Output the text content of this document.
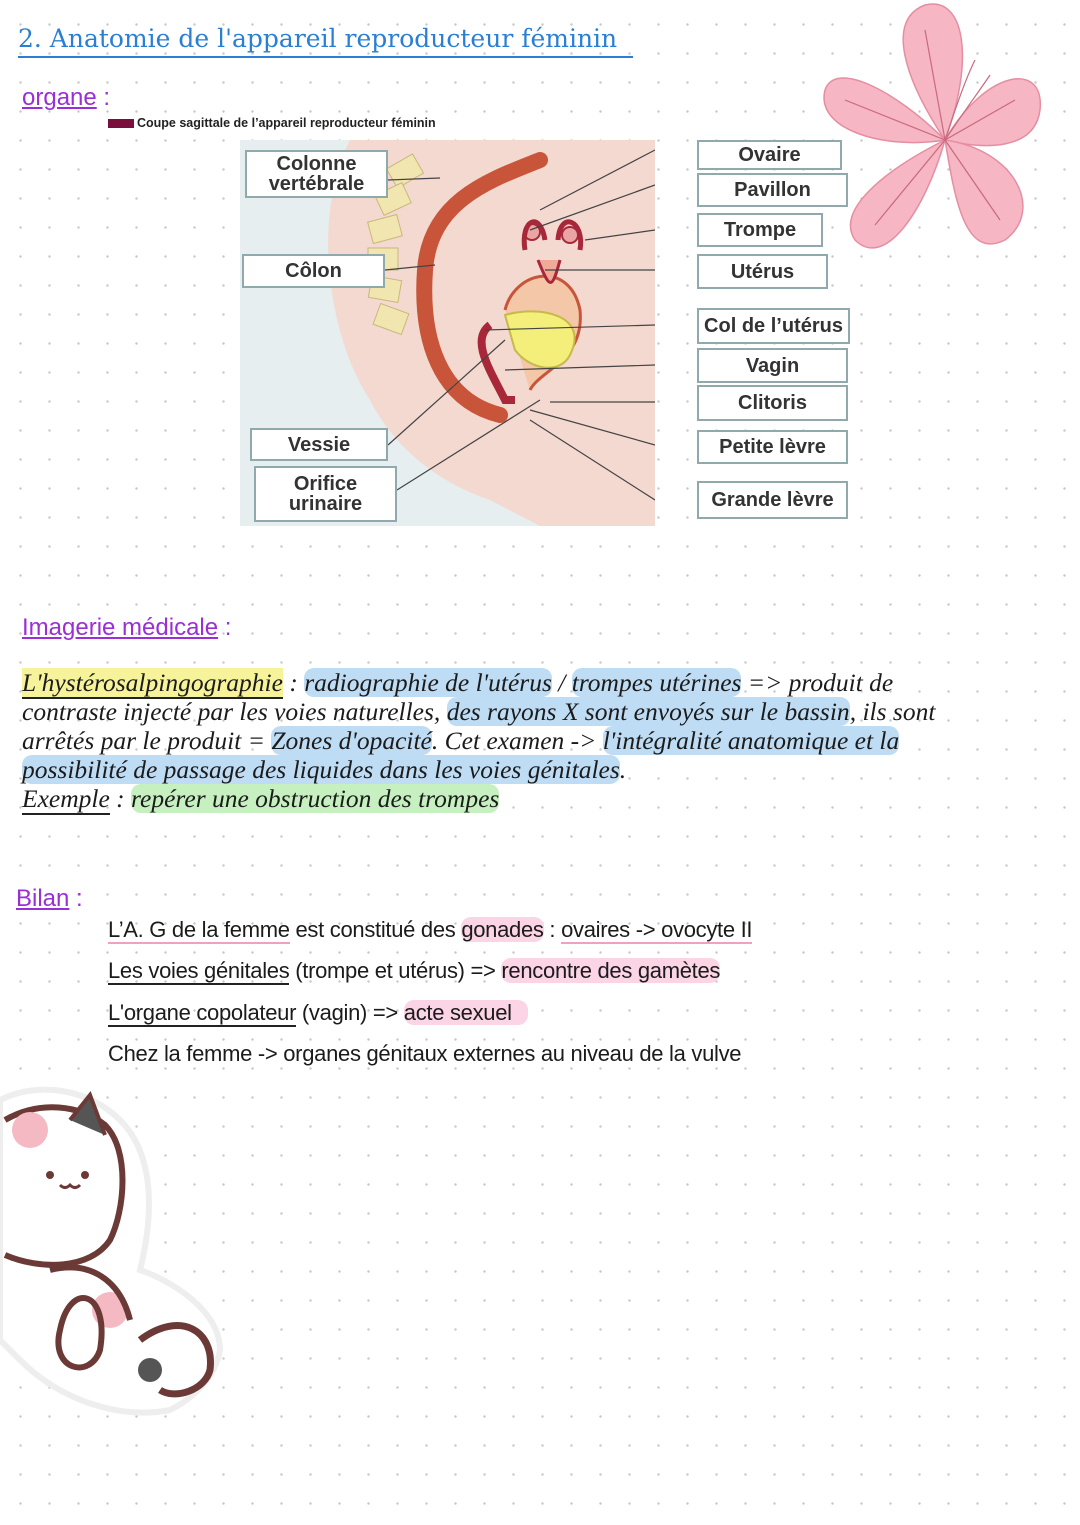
2. Anatomie de l'appareil reproducteur féminin
organe :
Coupe sagittale de l’appareil reproducteur féminin
Colonne vertébrale
Côlon
Vessie
Orifice urinaire
Ovaire
Pavillon
Trompe
Utérus
Col de l’utérus
Vagin
Clitoris
Petite lèvre
Grande lèvre
Imagerie médicale :
L'hystérosalpingographie : radiographie de l'utérus / trompes utérines => produit de
contraste injecté par les voies naturelles, des rayons X sont envoyés sur le bassin, ils sont
arrêtés par le produit = Zones d'opacité. Cet examen -> l'intégralité anatomique et la
possibilité de passage des liquides dans les voies génitales.
Exemple : repérer une obstruction des trompes
Bilan :
L’A. G de la femme est constitué des gonades : ovaires -> ovocyte II
Les voies génitales (trompe et utérus) => rencontre des gamètes
L'organe copolateur (vagin) => acte sexuel
Chez la femme -> organes génitaux externes au niveau de la vulve
